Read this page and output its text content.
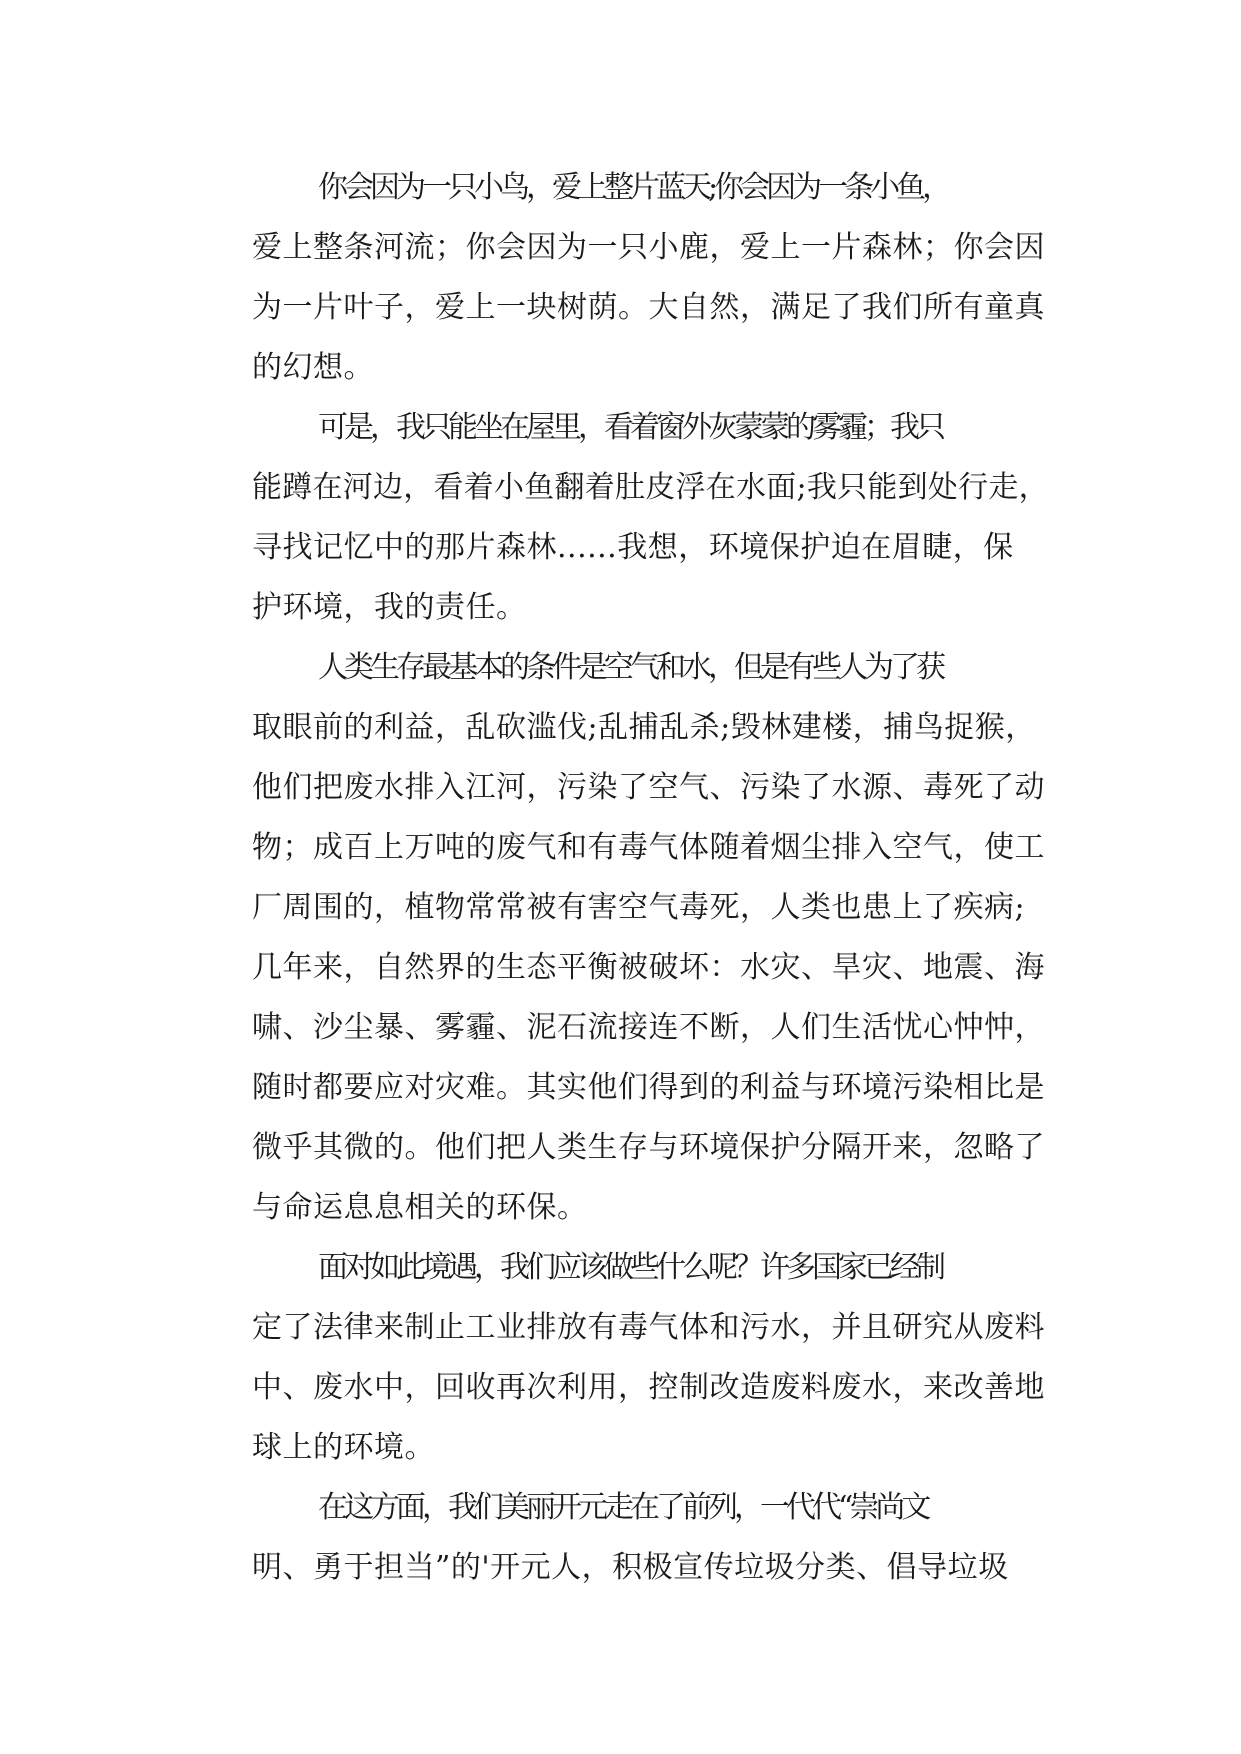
你会因为一只小鸟，爱上整片蓝天;你会因为一条小鱼，
爱上整条河流；你会因为一只小鹿，爱上一片森林；你会因
为一片叶子，爱上一块树荫。大自然，满足了我们所有童真
的幻想。
可是，我只能坐在屋里，看着窗外灰蒙蒙的雾霾；我只
能蹲在河边，看着小鱼翻着肚皮浮在水面;我只能到处行走，
寻找记忆中的那片森林......我想，环境保护迫在眉睫，保
护环境，我的责任。
人类生存最基本的条件是空气和水，但是有些人为了获
取眼前的利益，乱砍滥伐;乱捕乱杀;毁林建楼，捕鸟捉猴，
他们把废水排入江河，污染了空气、污染了水源、毒死了动
物；成百上万吨的废气和有毒气体随着烟尘排入空气，使工
厂周围的，植物常常被有害空气毒死，人类也患上了疾病;
几年来，自然界的生态平衡被破坏：水灾、旱灾、地震、海
啸、沙尘暴、雾霾、泥石流接连不断，人们生活忧心忡忡，
随时都要应对灾难。其实他们得到的利益与环境污染相比是
微乎其微的。他们把人类生存与环境保护分隔开来，忽略了
与命运息息相关的环保。
面对如此境遇，我们应该做些什么呢？许多国家已经制
定了法律来制止工业排放有毒气体和污水，并且研究从废料
中、废水中，回收再次利用，控制改造废料废水，来改善地
球上的环境。
在这方面，我们美丽开元走在了前列，一代代“崇尚文
明、勇于担当”的'开元人，积极宣传垃圾分类、倡导垃圾
